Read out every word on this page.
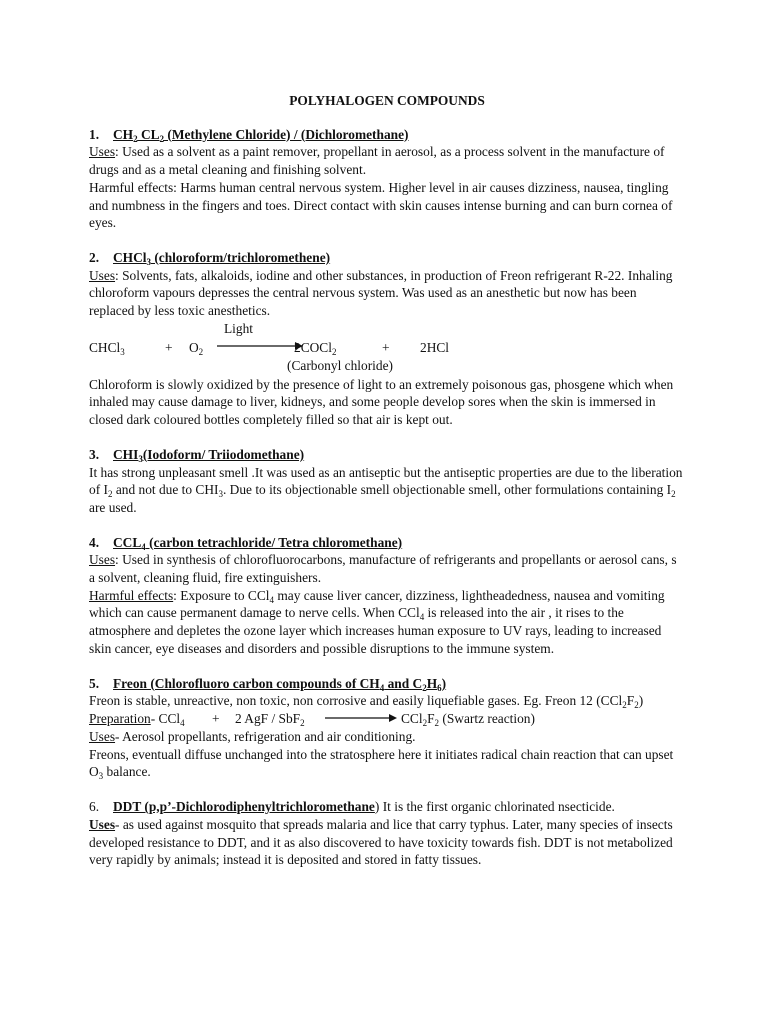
POLYHALOGEN COMPOUNDS

1. $CH_2$ $CL_2$ (Methylene Chloride) / (Dichloromethane)

Uses: Used as a solvent as a paint remover, propellant in aerosol, as a process solvent in the manufacture of drugs and as a metal cleaning and finishing solvent.

Harmful effects: Harms human central nervous system. Higher level in air causes dizziness, nausea, tingling and numbness in the fingers and toes. Direct contact with skin causes intense burning and can burn cornea of eyes.

2. CHCl$_3$ (chloroform/trichloromethene)

Uses: Solvents, fats, alkaloids, iodine and other substances, in production of Freon refrigerant R-22. Inhaling chloroform vapours depresses the central nervous system. Was used as an anesthetic but now has been replaced by less toxic anesthetics.

Light
CHCl$_3$	+ $O_2$	2COCl$_2$	+ 2HCl
(Carbonyl chloride)

Chloroform is slowly oxidized by the presence of light to an extremely poisonous gas, phosgene which when inhaled may cause damage to liver, kidneys, and some people develop sores when the skin is immersed in closed dark coloured bottles completely filled so that air is kept out.

3. $CHI_3(Iodoform/$ Triiodomethane)

It has strong unpleasant smell .It was used as an antiseptic but the antiseptic properties are due to the liberation of $I_2$ and not due to $CHI_3$. Due to its objectionable smell objectionable smell, other formulations containing $I_2$ are used.

4. $CCL_4$ (carbon tetrachloride/ Tetra chloromethane)

Uses: Used in synthesis of chlorofluorocarbons, manufacture of refrigerants and propellants or aerosol cans, s a solvent, cleaning fluid, fire extinguishers.

Harmful effects: Exposure to CCl$_4$ may cause liver cancer, dizziness, lightheadedness, nausea and vomiting which can cause permanent damage to nerve cells. When CCl$_4$ is released into the air , it rises to the atmosphere and depletes the ozone layer which increases human exposure to UV rays, leading to increased skin cancer, eye diseases and disorders and possible disruptions to the immune system.

5. Freon (Chlorofluoro carbon compounds of $CH_4$ and $C_2H_6$)

Freon is stable, unreactive, non toxic, non corrosive and easily liquefiable gases. Eg. Freon 12 $(CCl_2F_2)$

Preparation- CCl$_4$ + 2 AgF / SbF$_2$	$CCl_2F_2$ (Swartz reaction)

Uses- Aerosol propellants, refrigeration and air conditioning.

Freons, eventuall diffuse unchanged into the stratosphere here it initiates radical chain reaction that can upset $O_3$ balance.

6. DDT (p,p’-Dichlorodiphenyltrichloromethane) It is the first organic chlorinated nsecticide.

Uses- as used against mosquito that spreads malaria and lice that carry typhus. Later, many species of insects developed resistance to DDT, and it as also discovered to have toxicity towards fish. DDT is not metabolized very rapidly by animals; instead it is deposited and stored in fatty tissues.
